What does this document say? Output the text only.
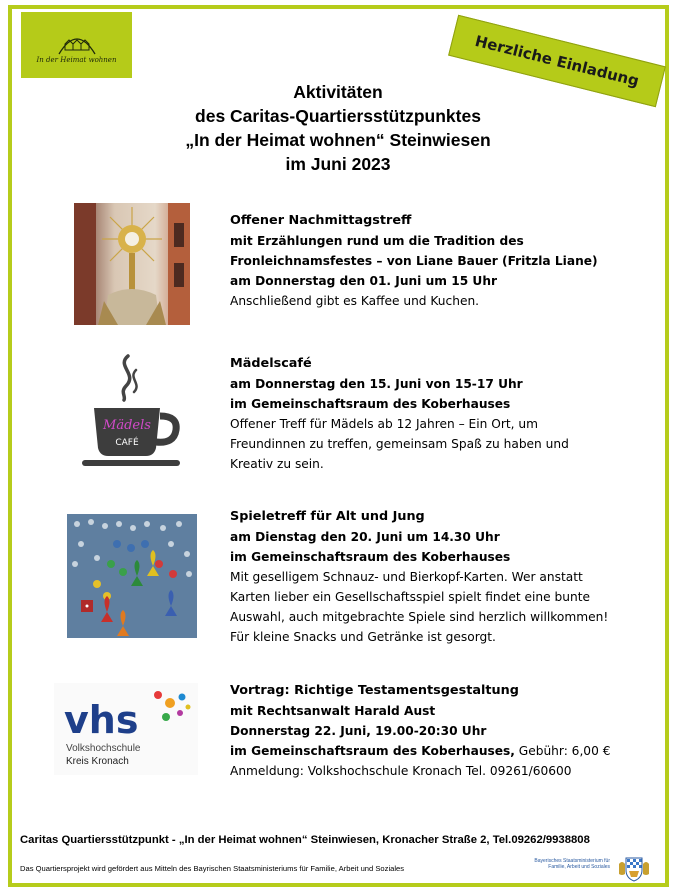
In der Heimat wohnen	Herzliche Einladung
Aktivitäten
des Caritas-Quartiersstützpunktes
„In der Heimat wohnen“ Steinwiesen
im Juni 2023
Offener Nachmittagstreff
mit Erzählungen rund um die Tradition des
Fronleichnamsfestes – von Liane Bauer (Fritzla Liane)
am Donnerstag den 01. Juni um 15 Uhr
Anschließend gibt es Kaffee und Kuchen.
Mädels
CAFÉ
Mädelscafé
am Donnerstag den 15. Juni von 15-17 Uhr
im Gemeinschaftsraum des Koberhauses
Offener Treff für Mädels ab 12 Jahren – Ein Ort, um
Freundinnen zu treffen, gemeinsam Spaß zu haben und
Kreativ zu sein.
Spieletreff für Alt und Jung
am Dienstag den 20. Juni um 14.30 Uhr
im Gemeinschaftsraum des Koberhauses
Mit geselligem Schnauz- und Bierkopf-Karten. Wer anstatt
Karten lieber ein Gesellschaftsspiel spielt findet eine bunte
Auswahl, auch mitgebrachte Spiele sind herzlich willkommen!
Für kleine Snacks und Getränke ist gesorgt.
vhs
Volkshochschule
Kreis Kronach
Vortrag: Richtige Testamentsgestaltung
mit Rechtsanwalt Harald Aust
Donnerstag 22. Juni, 19.00-20:30 Uhr
im Gemeinschaftsraum des Koberhauses, Gebühr: 6,00 €
Anmeldung: Volkshochschule Kronach Tel. 09261/60600
Caritas Quartiersstützpunkt - „In der Heimat wohnen“ Steinwiesen, Kronacher Straße 2, Tel.09262/9938808
Das Quartiersprojekt wird gefördert aus Mitteln des Bayrischen Staatsministeriums für Familie, Arbeit und Soziales
Bayerisches Staatsministerium für
Familie, Arbeit und Soziales
